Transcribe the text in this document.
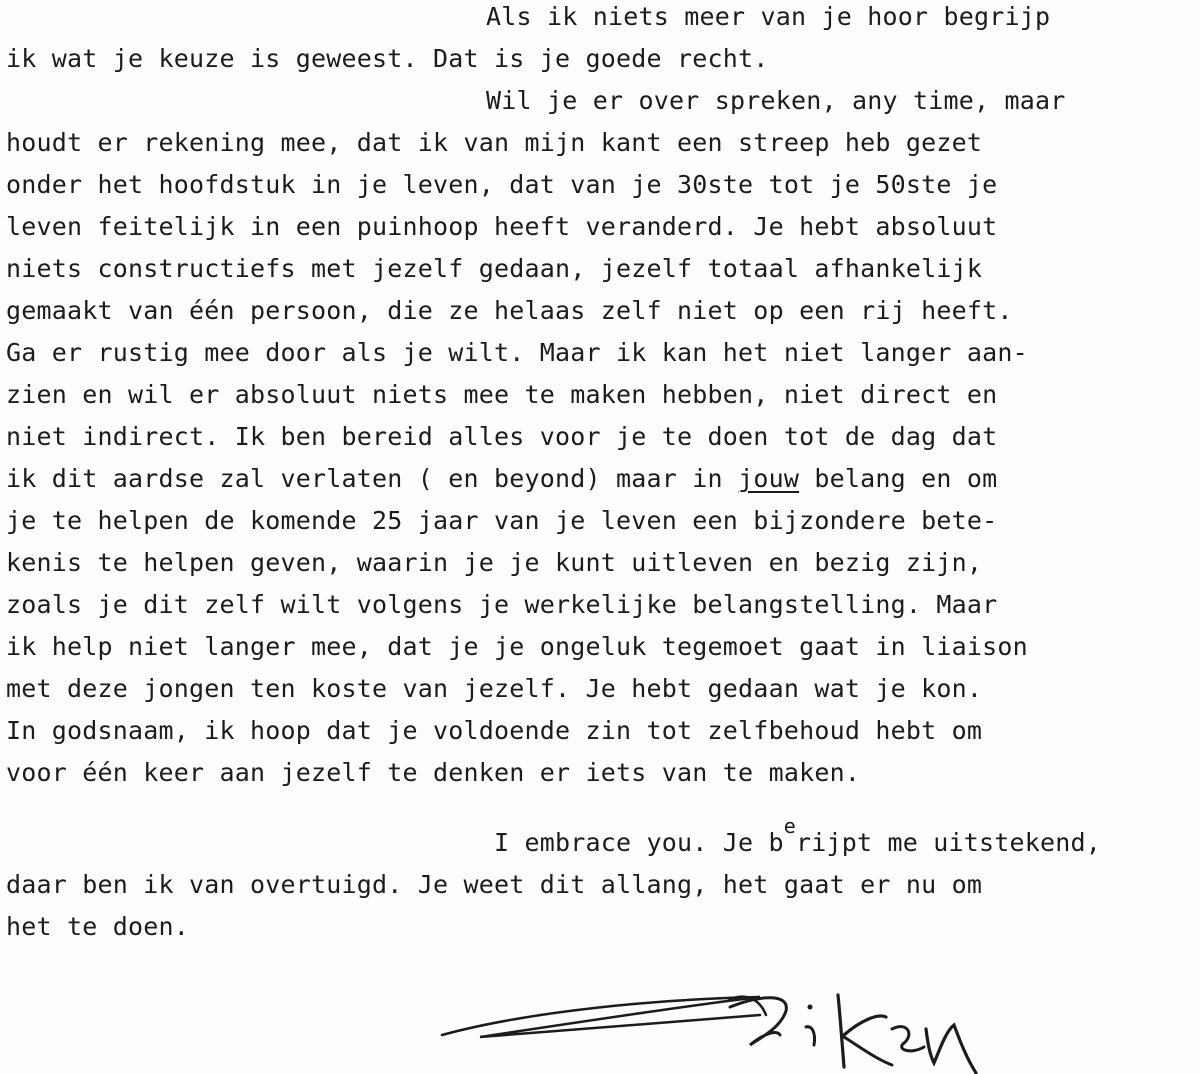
Als ik niets meer van je hoor begrijp
ik wat je keuze is geweest. Dat is je goede recht.
Wil je er over spreken, any time, maar
houdt er rekening mee, dat ik van mijn kant een streep heb gezet
onder het hoofdstuk in je leven, dat van je 30ste tot je 50ste je
leven feitelijk in een puinhoop heeft veranderd. Je hebt absoluut
niets constructiefs met jezelf gedaan, jezelf totaal afhankelijk
gemaakt van één persoon, die ze helaas zelf niet op een rij heeft.
Ga er rustig mee door als je wilt. Maar ik kan het niet langer aan-
zien en wil er absoluut niets mee te maken hebben, niet direct en
niet indirect. Ik ben bereid alles voor je te doen tot de dag dat
ik dit aardse zal verlaten ( en beyond) maar in jouw belang en om
je te helpen de komende 25 jaar van je leven een bijzondere bete-
kenis te helpen geven, waarin je je kunt uitleven en bezig zijn,
zoals je dit zelf wilt volgens je werkelijke belangstelling. Maar
ik help niet langer mee, dat je je ongeluk tegemoet gaat in liaison
met deze jongen ten koste van jezelf. Je hebt gedaan wat je kon.
In godsnaam, ik hoop dat je voldoende zin tot zelfbehoud hebt om
voor één keer aan jezelf te denken er iets van te maken.
I embrace you. Je $b^erijpt$ me uitstekend,
daar ben ik van overtuigd. Je weet dit allang, het gaat er nu om
het te doen.
